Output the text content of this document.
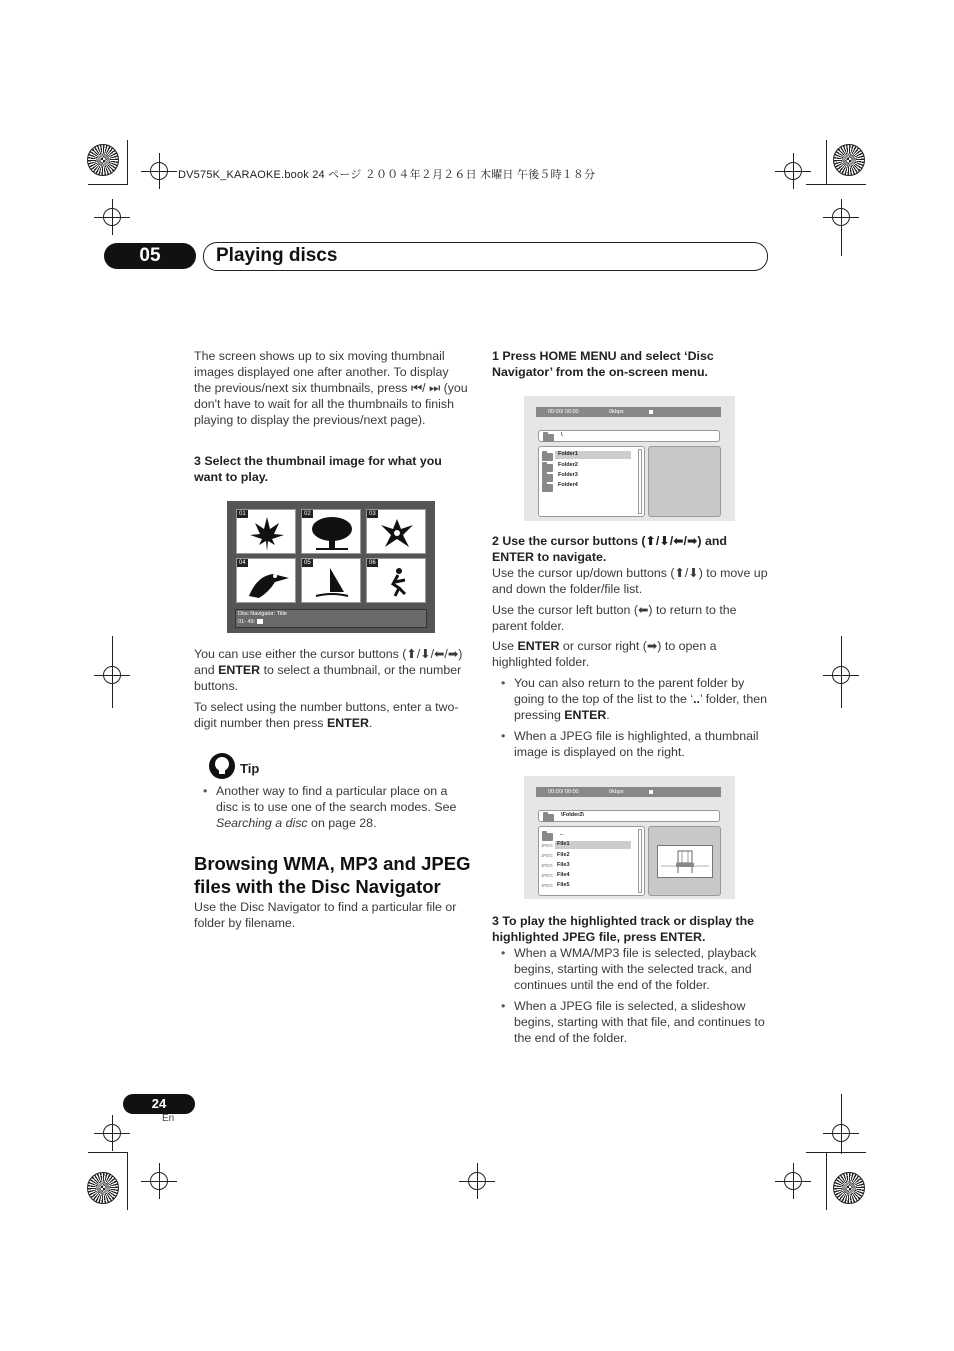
DV575K_KARAOKE.book 24 ページ ２００４年２月２６日 木曜日 午後５時１８分
05	Playing discs
The screen shows up to six moving thumbnail images displayed one after another. To display the previous/next six thumbnails, press ⏮/ ⏭ (you don't have to wait for all the thumbnails to finish playing to display the previous/next page).
3 Select the thumbnail image for what you want to play.
01	02	03
04	05	06
Disc Navigator: Title
01- 49:
You can use either the cursor buttons (⬆/⬇/⬅/➡) and ENTER to select a thumbnail, or the number buttons.
To select using the number buttons, enter a two-digit number then press ENTER.
Tip
• Another way to find a particular place on a disc is to use one of the search modes. See Searching a disc on page 28.
Browsing WMA, MP3 and JPEG
files with the Disc Navigator
Use the Disc Navigator to find a particular file or folder by filename.
1 Press HOME MENU and select ‘Disc Navigator’ from the on-screen menu.
00:00/ 00:00	0kbps
\
Folder1
Folder2
Folder3
Folder4
2 Use the cursor buttons (⬆/⬇/⬅/➡) and ENTER to navigate.
Use the cursor up/down buttons (⬆/⬇) to move up and down the folder/file list.
Use the cursor left button (⬅) to return to the parent folder.
Use ENTER or cursor right (➡) to open a highlighted folder.
• You can also return to the parent folder by going to the top of the list to the ‘..’ folder, then pressing ENTER.
• When a JPEG file is highlighted, a thumbnail image is displayed on the right.
00:00/ 00:00	0kbps
\Folder2\
..
JPEG File1
JPEG File2
JPEG File3
JPEG File4
JPEG File5
3 To play the highlighted track or display the highlighted JPEG file, press ENTER.
• When a WMA/MP3 file is selected, playback begins, starting with the selected track, and continues until the end of the folder.
• When a JPEG file is selected, a slideshow begins, starting with that file, and continues to the end of the folder.
24
En
